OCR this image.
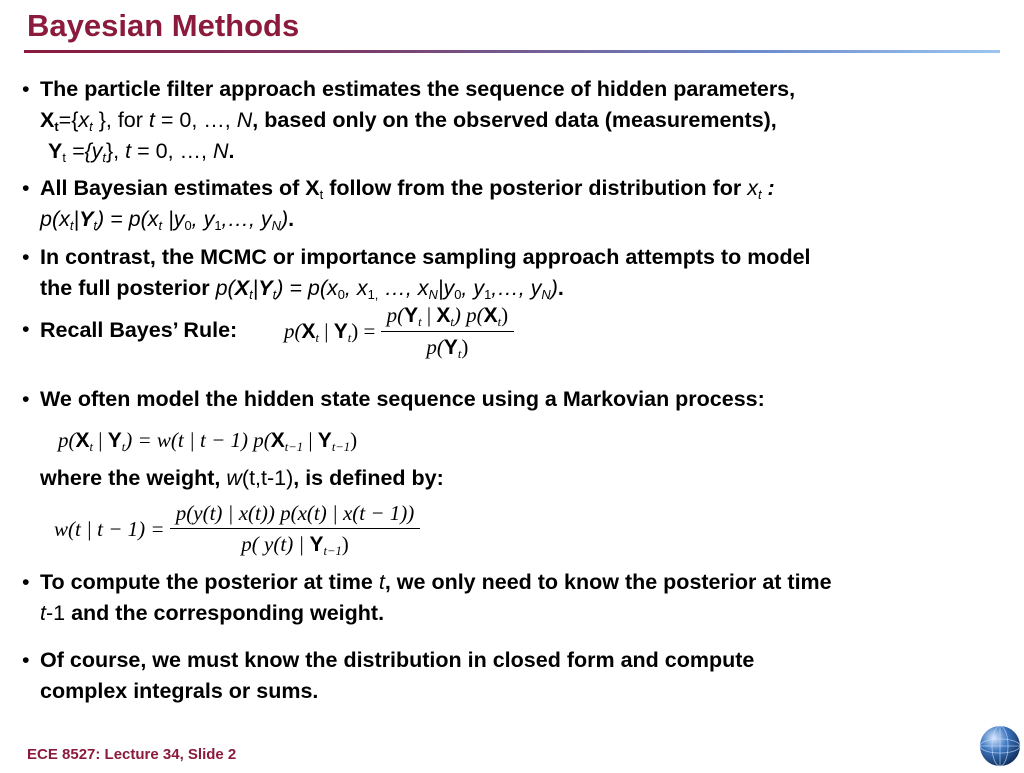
Bayesian Methods
• The particle filter approach estimates the sequence of hidden parameters,
$X_t=\{x_t$ }, for t = 0, …, N, based only on the observed data (measurements),
$Y_t =\{y_t\}$, t = 0, …, N.
• All Bayesian estimates of $X_t$ follow from the posterior distribution for $x_t$ :
$p(x_t|Y_t) = p(x_t$ $|y_0$, $y_1,\dots$, $y_N$).
• In contrast, the MCMC or importance sampling approach attempts to model
the full posterior $p(X_t|Y_t) = p(x_0$, $x_{1,}$ …, $x_N|y_0$, $y_1,\dots$, $y_N$).
• Recall Bayes’ Rule: $p(X_t$ | $Y_t) = \frac{p(Y_t | X_t) p(X_t)}{p(Y_t)}$
• We often model the hidden state sequence using a Markovian process:
$p(X_t$ | $Y_t) = w(t$ | t − 1) $p(X_{t-1}$ | $Y_{t-1}$)
where the weight, w(t,t-1), is defined by:
w(t | $t - 1) = \frac{p(y(t) | x(t)) p(x(t) | x(t - 1))}{p( y(t) | Y_{t-1})}$
• To compute the posterior at time t, we only need to know the posterior at time
t-1 and the corresponding weight.
• Of course, we must know the distribution in closed form and compute
complex integrals or sums.
ECE 8527: Lecture 34, Slide 2
